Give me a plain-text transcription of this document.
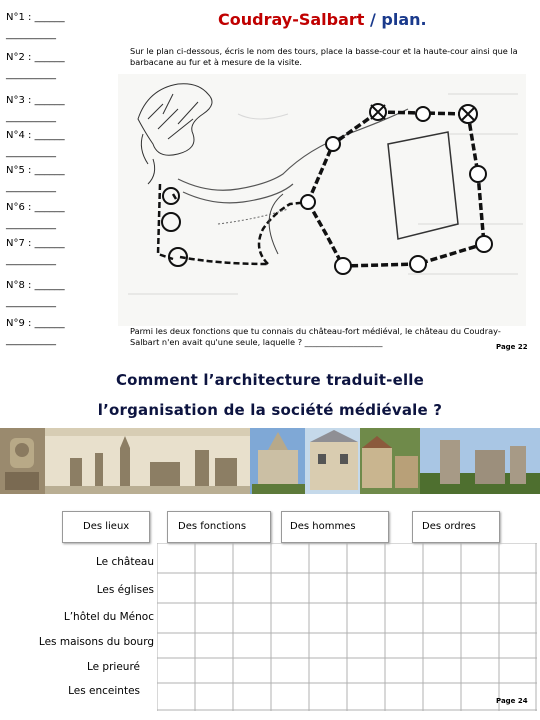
N°1 : ______
__________
N°2 : ______
__________
N°3 : ______
__________
N°4 : ______
__________
N°5 : ______
__________
N°6 : ______
__________
N°7 : ______
__________
N°8 : ______
__________
N°9 : ______
__________
Coudray-Salbart / plan.
Sur le plan ci-dessous, écris le nom des tours, place la basse-cour et la haute-cour ainsi que la barbacane au fur et à mesure de la visite.
Parmi les deux fonctions que tu connais du château-fort médiéval, le château du Coudray-Salbart n'en avait qu'une seule, laquelle ? ___________________	Page 22
Comment l’architecture traduit-elle
l’organisation de la société médiévale ?
Des lieux	Des fonctions	Des hommes	Des ordres
Le château
Les églises
L’hôtel du Ménoc
Les maisons du bourg
Le prieuré
Les enceintes
Page 24
